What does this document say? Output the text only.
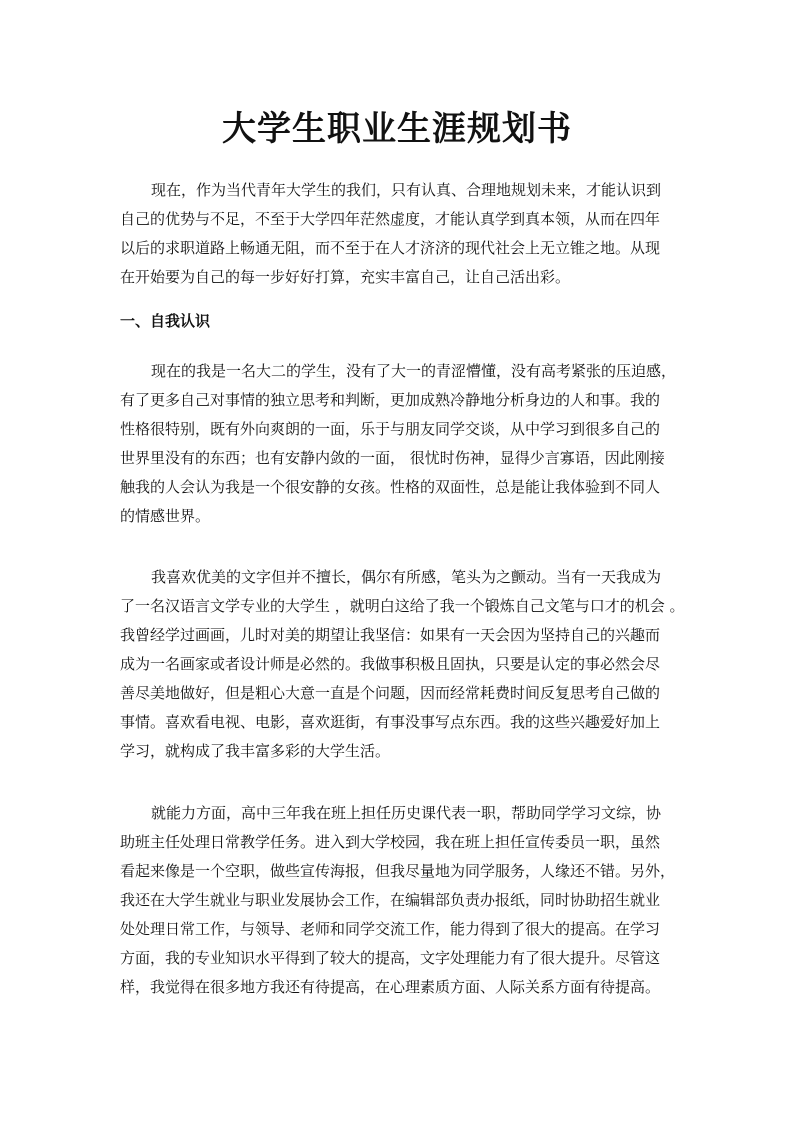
大学生职业生涯规划书
现在，作为当代青年大学生的我们，只有认真、合理地规划未来，才能认识到
自己的优势与不足，不至于大学四年茫然虚度，才能认真学到真本领，从而在四年
以后的求职道路上畅通无阻，而不至于在人才济济的现代社会上无立锥之地。从现
在开始要为自己的每一步好好打算，充实丰富自己，让自己活出彩。
一、自我认识
现在的我是一名大二的学生，没有了大一的青涩懵懂，没有高考紧张的压迫感，
有了更多自己对事情的独立思考和判断，更加成熟冷静地分析身边的人和事。我的
性格很特别，既有外向爽朗的一面，乐于与朋友同学交谈，从中学习到很多自己的
世界里没有的东西；也有安静内敛的一面， 很忧时伤神，显得少言寡语，因此刚接
触我的人会认为我是一个很安静的女孩。性格的双面性，总是能让我体验到不同人
的情感世界。
我喜欢优美的文字但并不擅长，偶尔有所感，笔头为之颤动。当有一天我成为
了一名汉语言文学专业的大学生 ，就明白这给了我一个锻炼自己文笔与口才的机会 。
我曾经学过画画，儿时对美的期望让我坚信：如果有一天会因为坚持自己的兴趣而
成为一名画家或者设计师是必然的。我做事积极且固执，只要是认定的事必然会尽
善尽美地做好，但是粗心大意一直是个问题，因而经常耗费时间反复思考自己做的
事情。喜欢看电视、电影，喜欢逛街，有事没事写点东西。我的这些兴趣爱好加上
学习，就构成了我丰富多彩的大学生活。
就能力方面，高中三年我在班上担任历史课代表一职，帮助同学学习文综，协
助班主任处理日常教学任务。进入到大学校园，我在班上担任宣传委员一职，虽然
看起来像是一个空职，做些宣传海报，但我尽量地为同学服务，人缘还不错。另外，
我还在大学生就业与职业发展协会工作，在编辑部负责办报纸，同时协助招生就业
处处理日常工作，与领导、老师和同学交流工作，能力得到了很大的提高。在学习
方面，我的专业知识水平得到了较大的提高，文字处理能力有了很大提升。尽管这
样，我觉得在很多地方我还有待提高，在心理素质方面、人际关系方面有待提高。
